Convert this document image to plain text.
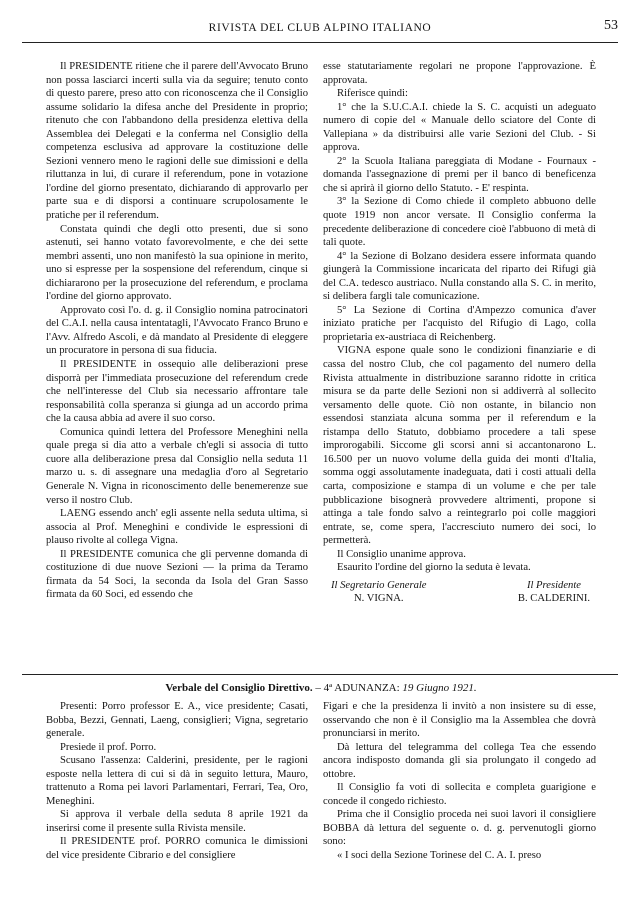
RIVISTA DEL CLUB ALPINO ITALIANO	53

Il PRESIDENTE ritiene che il parere dell'Avvocato Bruno non possa lasciarci incerti sulla via da seguire; tenuto conto di questo parere, preso atto con riconoscenza che il Consiglio assume solidario la difesa anche del Presidente in proprio; ritenuto che con l'abbandono della presidenza elettiva della Assemblea dei Delegati e la conferma nel Consiglio della competenza esclusiva ad approvare la costituzione delle Sezioni vennero meno le ragioni delle sue dimissioni e della riluttanza in lui, di curare il referendum, pone in votazione l'ordine del giorno presentato, dichiarando di approvarlo per parte sua e di disporsi a continuare scrupolosamente le pratiche per il referendum.

Constata quindi che degli otto presenti, due si sono astenuti, sei hanno votato favorevolmente, e che dei sette membri assenti, uno non manifestò la sua opinione in merito, uno si espresse per la sospensione del referendum, cinque si dichiararono per la prosecuzione del referendum, e proclama l'ordine del giorno approvato.

Approvato così l'o. d. g. il Consiglio nomina patrocinatori del C.A.I. nella causa intentatagli, l'Avvocato Franco Bruno e l'Avv. Alfredo Ascoli, e dà mandato al Presidente di eleggere un procuratore in persona di sua fiducia.

Il PRESIDENTE in ossequio alle deliberazioni prese disporrà per l'immediata prosecuzione del referendum crede che nell'interesse del Club sia necessario affrontare tale responsabilità colla speranza si giunga ad un accordo prima che la causa abbia ad avere il suo corso.

Comunica quindi lettera del Professore Meneghini nella quale prega si dia atto a verbale ch'egli si associa di tutto cuore alla deliberazione presa dal Consiglio nella seduta 11 marzo u. s. di assegnare una medaglia d'oro al Segretario Generale N. Vigna in riconoscimento delle benemerenze sue verso il nostro Club.

LAENG essendo anch' egli assente nella seduta ultima, si associa al Prof. Meneghini e condivide le espressioni di plauso rivolte al collega Vigna.

Il PRESIDENTE comunica che gli pervenne domanda di costituzione di due nuove Sezioni — la prima da Teramo firmata da 54 Soci, la seconda da Isola del Gran Sasso firmata da 60 Soci, ed essendo che

esse statutariamente regolari ne propone l'approvazione. È approvata.

Riferisce quindi:

1° che la S.U.C.A.I. chiede la S. C. acquisti un adeguato numero di copie del « Manuale dello sciatore del Conte di Vallepiana » da distribuirsi alle varie Sezioni del Club. - Si approva.

2° la Scuola Italiana pareggiata di Modane - Fournaux - domanda l'assegnazione di premi per il banco di beneficenza che si aprirà il giorno dello Statuto. - E' respinta.

3° la Sezione di Como chiede il completo abbuono delle quote 1919 non ancor versate. Il Consiglio conferma la precedente deliberazione di concedere cioè l'abbuono di metà di tali quote.

4° la Sezione di Bolzano desidera essere informata quando giungerà la Commissione incaricata del riparto dei Rifugi già del C.A. tedesco austriaco. Nulla constando alla S. C. in merito, si delibera fargli tale comunicazione.

5° La Sezione di Cortina d'Ampezzo comunica d'aver iniziato pratiche per l'acquisto del Rifugio di Lago, colla proprietaria ex-austriaca di Reichenberg.

VIGNA espone quale sono le condizioni finanziarie e di cassa del nostro Club, che col pagamento del numero della Rivista attualmente in distribuzione saranno ridotte in critica misura se da parte delle Sezioni non si addiverrà al sollecito versamento delle quote. Ciò non ostante, in bilancio non essendosi stanziata alcuna somma per il referendum e la ristampa dello Statuto, dobbiamo procedere a tali spese improrogabili. Siccome gli scorsi anni si accantonarono L. 16.500 per un nuovo volume della guida dei monti d'Italia, somma oggi assolutamente inadeguata, dati i costi attuali della carta, composizione e stampa di un volume e che per tale pubblicazione bisognerà provvedere altrimenti, propone si attinga a tale fondo salvo a reintegrarlo poi colle maggiori entrate, se, come spera, l'accresciuto numero dei soci, lo permetterà.

Il Consiglio unanime approva.

Esaurito l'ordine del giorno la seduta è levata.

Il Segretario Generale
N. VIGNA.
Il Presidente
B. CALDERINI.
Verbale del Consiglio Direttivo. – 4ª ADUNANZA: 19 Giugno 1921.

Presenti: Porro professor E. A., vice presidente; Casati, Bobba, Bezzi, Gennati, Laeng, consiglieri; Vigna, segretario generale.

Presiede il prof. Porro.

Scusano l'assenza: Calderini, presidente, per le ragioni esposte nella lettera di cui si dà in seguito lettura, Mauro, trattenuto a Roma pei lavori Parlamentari, Ferrari, Tea, Oro, Meneghini.

Si approva il verbale della seduta 8 aprile 1921 da inserirsi come il presente sulla Rivista mensile.

Il PRESIDENTE prof. PORRO comunica le dimissioni del vice presidente Cibrario e del consigliere

Figari e che la presidenza li invitò a non insistere su di esse, osservando che non è il Consiglio ma la Assemblea che dovrà pronunciarsi in merito.

Dà lettura del telegramma del collega Tea che essendo ancora indisposto domanda gli sia prolungato il congedo ad ottobre.

Il Consiglio fa voti di sollecita e completa guarigione e concede il congedo richiesto.

Prima che il Consiglio proceda nei suoi lavori il consigliere BOBBA dà lettura del seguente o. d. g. pervenutogli giorno sono:

« I soci della Sezione Torinese del C. A. I. preso
